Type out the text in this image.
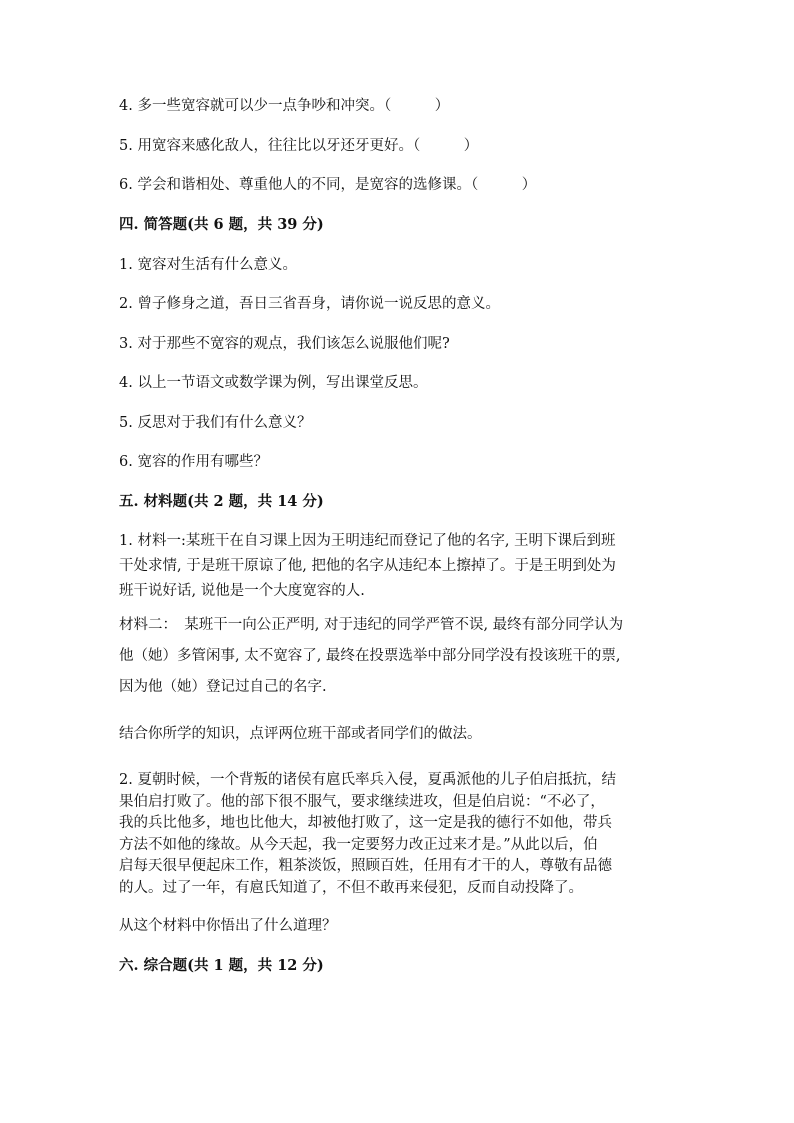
4. 多一些宽容就可以少一点争吵和冲突。（　　　）
5. 用宽容来感化敌人，往往比以牙还牙更好。（　　　）
6. 学会和谐相处、尊重他人的不同，是宽容的选修课。（　　　）
四. 简答题(共 6 题，共 39 分)
1. 宽容对生活有什么意义。
2. 曾子修身之道，吾日三省吾身，请你说一说反思的意义。
3. 对于那些不宽容的观点，我们该怎么说服他们呢?
4. 以上一节语文或数学课为例，写出课堂反思。
5. 反思对于我们有什么意义？
6. 宽容的作用有哪些？
五. 材料题(共 2 题，共 14 分)
1. 材料一:某班干在自习课上因为王明违纪而登记了他的名字, 王明下课后到班
干处求情, 于是班干原谅了他, 把他的名字从违纪本上擦掉了。于是王明到处为
班干说好话, 说他是一个大度宽容的人.
材料二：　某班干一向公正严明, 对于违纪的同学严管不误, 最终有部分同学认为
他（她）多管闲事, 太不宽容了, 最终在投票选举中部分同学没有投该班干的票,
因为他（她）登记过自己的名字.
结合你所学的知识，点评两位班干部或者同学们的做法。
2. 夏朝时候，一个背叛的诸侯有扈氏率兵入侵，夏禹派他的儿子伯启抵抗，结
果伯启打败了。他的部下很不服气，要求继续进攻，但是伯启说：“不必了，
我的兵比他多，地也比他大，却被他打败了，这一定是我的德行不如他，带兵
方法不如他的缘故。从今天起，我一定要努力改正过来才是。”从此以后，伯
启每天很早便起床工作，粗茶淡饭，照顾百姓，任用有才干的人，尊敬有品德
的人。过了一年，有扈氏知道了，不但不敢再来侵犯，反而自动投降了。
从这个材料中你悟出了什么道理？
六. 综合题(共 1 题，共 12 分)
